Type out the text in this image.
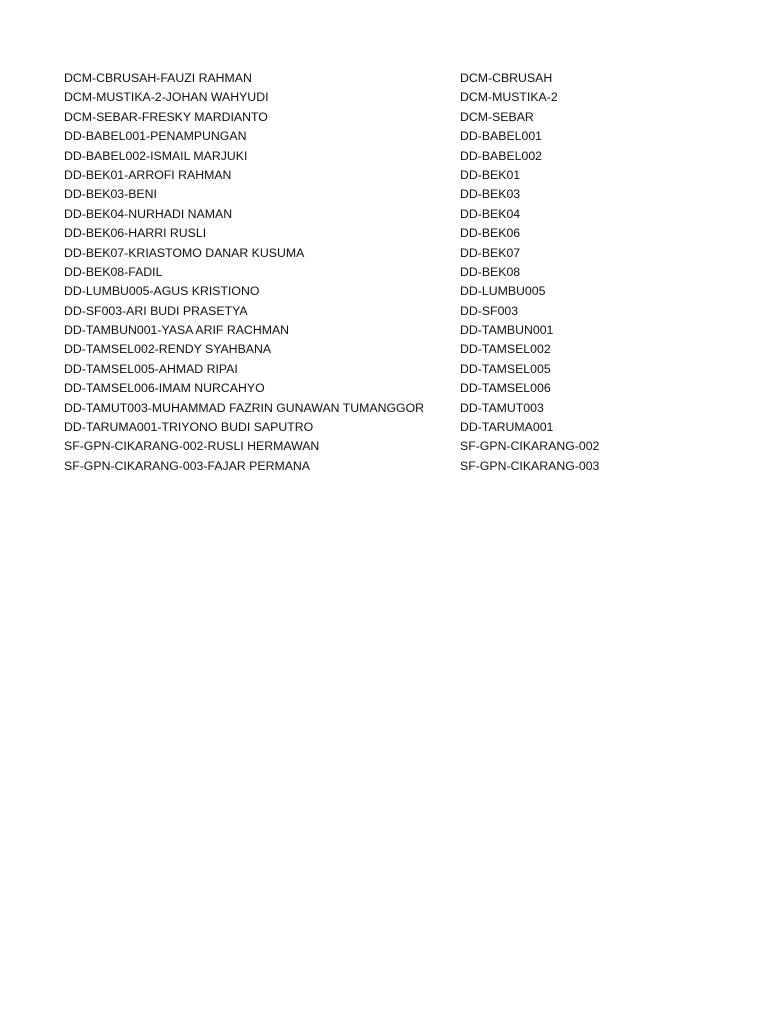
DCM-CBRUSAH-FAUZI RAHMAN	DCM-CBRUSAH
DCM-MUSTIKA-2-JOHAN WAHYUDI	DCM-MUSTIKA-2
DCM-SEBAR-FRESKY MARDIANTO	DCM-SEBAR
DD-BABEL001-PENAMPUNGAN	DD-BABEL001
DD-BABEL002-ISMAIL MARJUKI	DD-BABEL002
DD-BEK01-ARROFI RAHMAN	DD-BEK01
DD-BEK03-BENI	DD-BEK03
DD-BEK04-NURHADI NAMAN	DD-BEK04
DD-BEK06-HARRI RUSLI	DD-BEK06
DD-BEK07-KRIASTOMO DANAR KUSUMA	DD-BEK07
DD-BEK08-FADIL	DD-BEK08
DD-LUMBU005-AGUS KRISTIONO	DD-LUMBU005
DD-SF003-ARI BUDI PRASETYA	DD-SF003
DD-TAMBUN001-YASA ARIF RACHMAN	DD-TAMBUN001
DD-TAMSEL002-RENDY SYAHBANA	DD-TAMSEL002
DD-TAMSEL005-AHMAD RIPAI	DD-TAMSEL005
DD-TAMSEL006-IMAM NURCAHYO	DD-TAMSEL006
DD-TAMUT003-MUHAMMAD FAZRIN GUNAWAN TUMANGGOR	DD-TAMUT003
DD-TARUMA001-TRIYONO BUDI SAPUTRO	DD-TARUMA001
SF-GPN-CIKARANG-002-RUSLI HERMAWAN	SF-GPN-CIKARANG-002
SF-GPN-CIKARANG-003-FAJAR PERMANA	SF-GPN-CIKARANG-003
